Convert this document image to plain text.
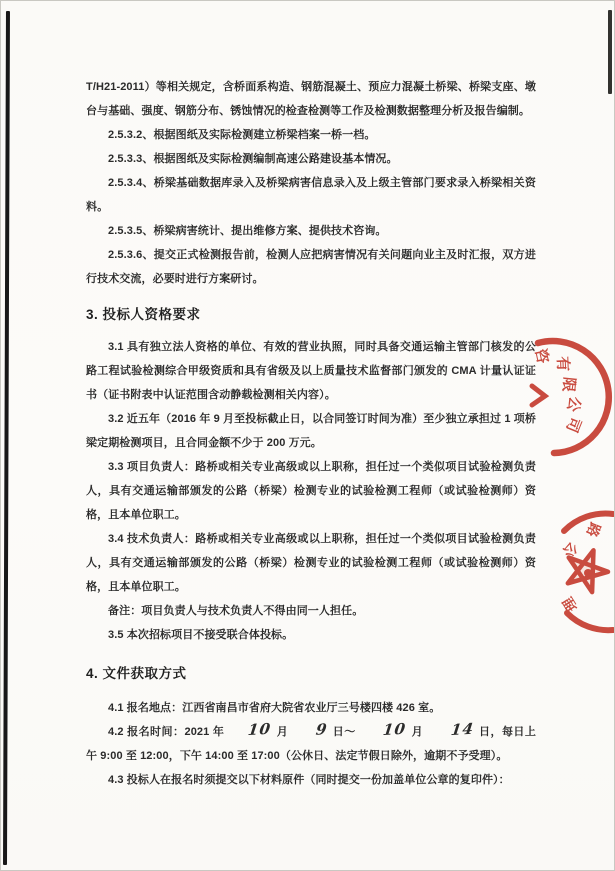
T/H21-2011）等相关规定，含桥面系构造、钢筋混凝土、预应力混凝土桥梁、桥梁支座、墩台与基础、强度、钢筋分布、锈蚀情况的检查检测等工作及检测数据整理分析及报告编制。

2.5.3.2、根据图纸及实际检测建立桥梁档案一桥一档。

2.5.3.3、根据图纸及实际检测编制高速公路建设基本情况。

2.5.3.4、桥梁基础数据库录入及桥梁病害信息录入及上级主管部门要求录入桥梁相关资料。

2.5.3.5、桥梁病害统计、提出维修方案、提供技术咨询。

2.5.3.6、提交正式检测报告前，检测人应把病害情况有关问题向业主及时汇报，双方进行技术交流，必要时进行方案研讨。

3. 投标人资格要求

3.1 具有独立法人资格的单位、有效的营业执照，同时具备交通运输主管部门核发的公路工程试验检测综合甲级资质和具有省级及以上质量技术监督部门颁发的 CMA 计量认证证书（证书附表中认证范围含动静载检测相关内容）。

3.2 近五年（2016 年 9 月至投标截止日，以合同签订时间为准）至少独立承担过 1 项桥梁定期检测项目，且合同金额不少于 200 万元。

3.3 项目负责人：路桥或相关专业高级或以上职称，担任过一个类似项目试验检测负责人，具有交通运输部颁发的公路（桥梁）检测专业的试验检测工程师（或试验检测师）资格，且本单位职工。

3.4 技术负责人：路桥或相关专业高级或以上职称，担任过一个类似项目试验检测负责人，具有交通运输部颁发的公路（桥梁）检测专业的试验检测工程师（或试验检测师）资格，且本单位职工。

备注：项目负责人与技术负责人不得由同一人担任。

3.5 本次招标项目不接受联合体投标。

4. 文件获取方式

4.1 报名地点：江西省南昌市省府大院省农业厅三号楼四楼 426 室。

4.2 报名时间：2021 年 10 月 9 日～ 10 月 14 日，每日上午 9:00 至 12:00，下午 14:00 至 17:00（公休日、法定节假日除外，逾期不予受理）。

4.3 投标人在报名时须提交以下材料原件（同时提交一份加盖单位公章的复印件）：

咨 有
限
公
司
路
公
理
